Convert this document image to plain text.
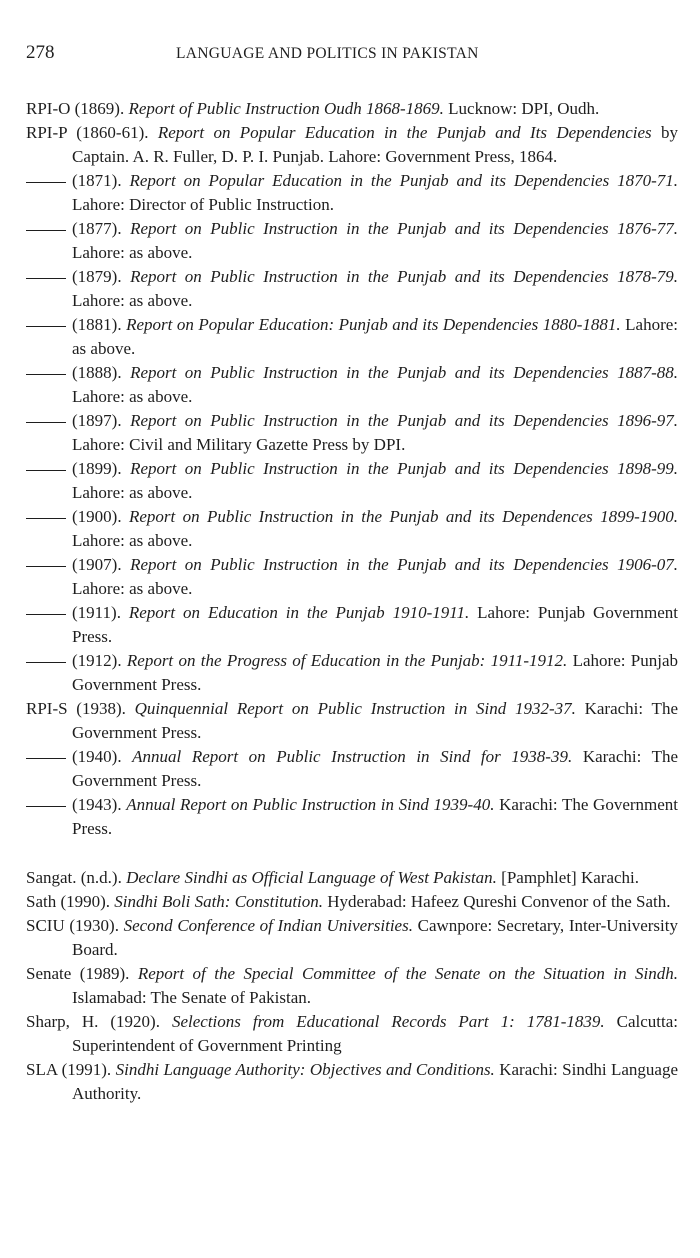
278	LANGUAGE AND POLITICS IN PAKISTAN

RPI-O (1869). Report of Public Instruction Oudh 1868-1869. Lucknow: DPI, Oudh.

RPI-P (1860-61). Report on Popular Education in the Punjab and Its Dependencies by Captain. A. R. Fuller, D. P. I. Punjab. Lahore: Government Press, 1864.

(1871). Report on Popular Education in the Punjab and its Dependencies 1870-71. Lahore: Director of Public Instruction.

(1877). Report on Public Instruction in the Punjab and its Dependencies 1876-77. Lahore: as above.

(1879). Report on Public Instruction in the Punjab and its Dependencies 1878-79. Lahore: as above.

(1881). Report on Popular Education: Punjab and its Dependencies 1880-1881. Lahore: as above.

(1888). Report on Public Instruction in the Punjab and its Dependencies 1887-88. Lahore: as above.

(1897). Report on Public Instruction in the Punjab and its Dependencies 1896-97. Lahore: Civil and Military Gazette Press by DPI.

(1899). Report on Public Instruction in the Punjab and its Dependencies 1898-99. Lahore: as above.

(1900). Report on Public Instruction in the Punjab and its Dependences 1899-1900. Lahore: as above.

(1907). Report on Public Instruction in the Punjab and its Dependencies 1906-07. Lahore: as above.

(1911). Report on Education in the Punjab 1910-1911. Lahore: Punjab Government Press.

(1912). Report on the Progress of Education in the Punjab: 1911-1912. Lahore: Punjab Government Press.

RPI-S (1938). Quinquennial Report on Public Instruction in Sind 1932-37. Karachi: The Government Press.

(1940). Annual Report on Public Instruction in Sind for 1938-39. Karachi: The Government Press.

(1943). Annual Report on Public Instruction in Sind 1939-40. Karachi: The Government Press.

Sangat. (n.d.). Declare Sindhi as Official Language of West Pakistan. [Pamphlet] Karachi.

Sath (1990). Sindhi Boli Sath: Constitution. Hyderabad: Hafeez Qureshi Convenor of the Sath.

SCIU (1930). Second Conference of Indian Universities. Cawnpore: Secretary, Inter-University Board.

Senate (1989). Report of the Special Committee of the Senate on the Situation in Sindh. Islamabad: The Senate of Pakistan.

Sharp, H. (1920). Selections from Educational Records Part 1: 1781-1839. Calcutta: Superintendent of Government Printing

SLA (1991). Sindhi Language Authority: Objectives and Conditions. Karachi: Sindhi Language Authority.
